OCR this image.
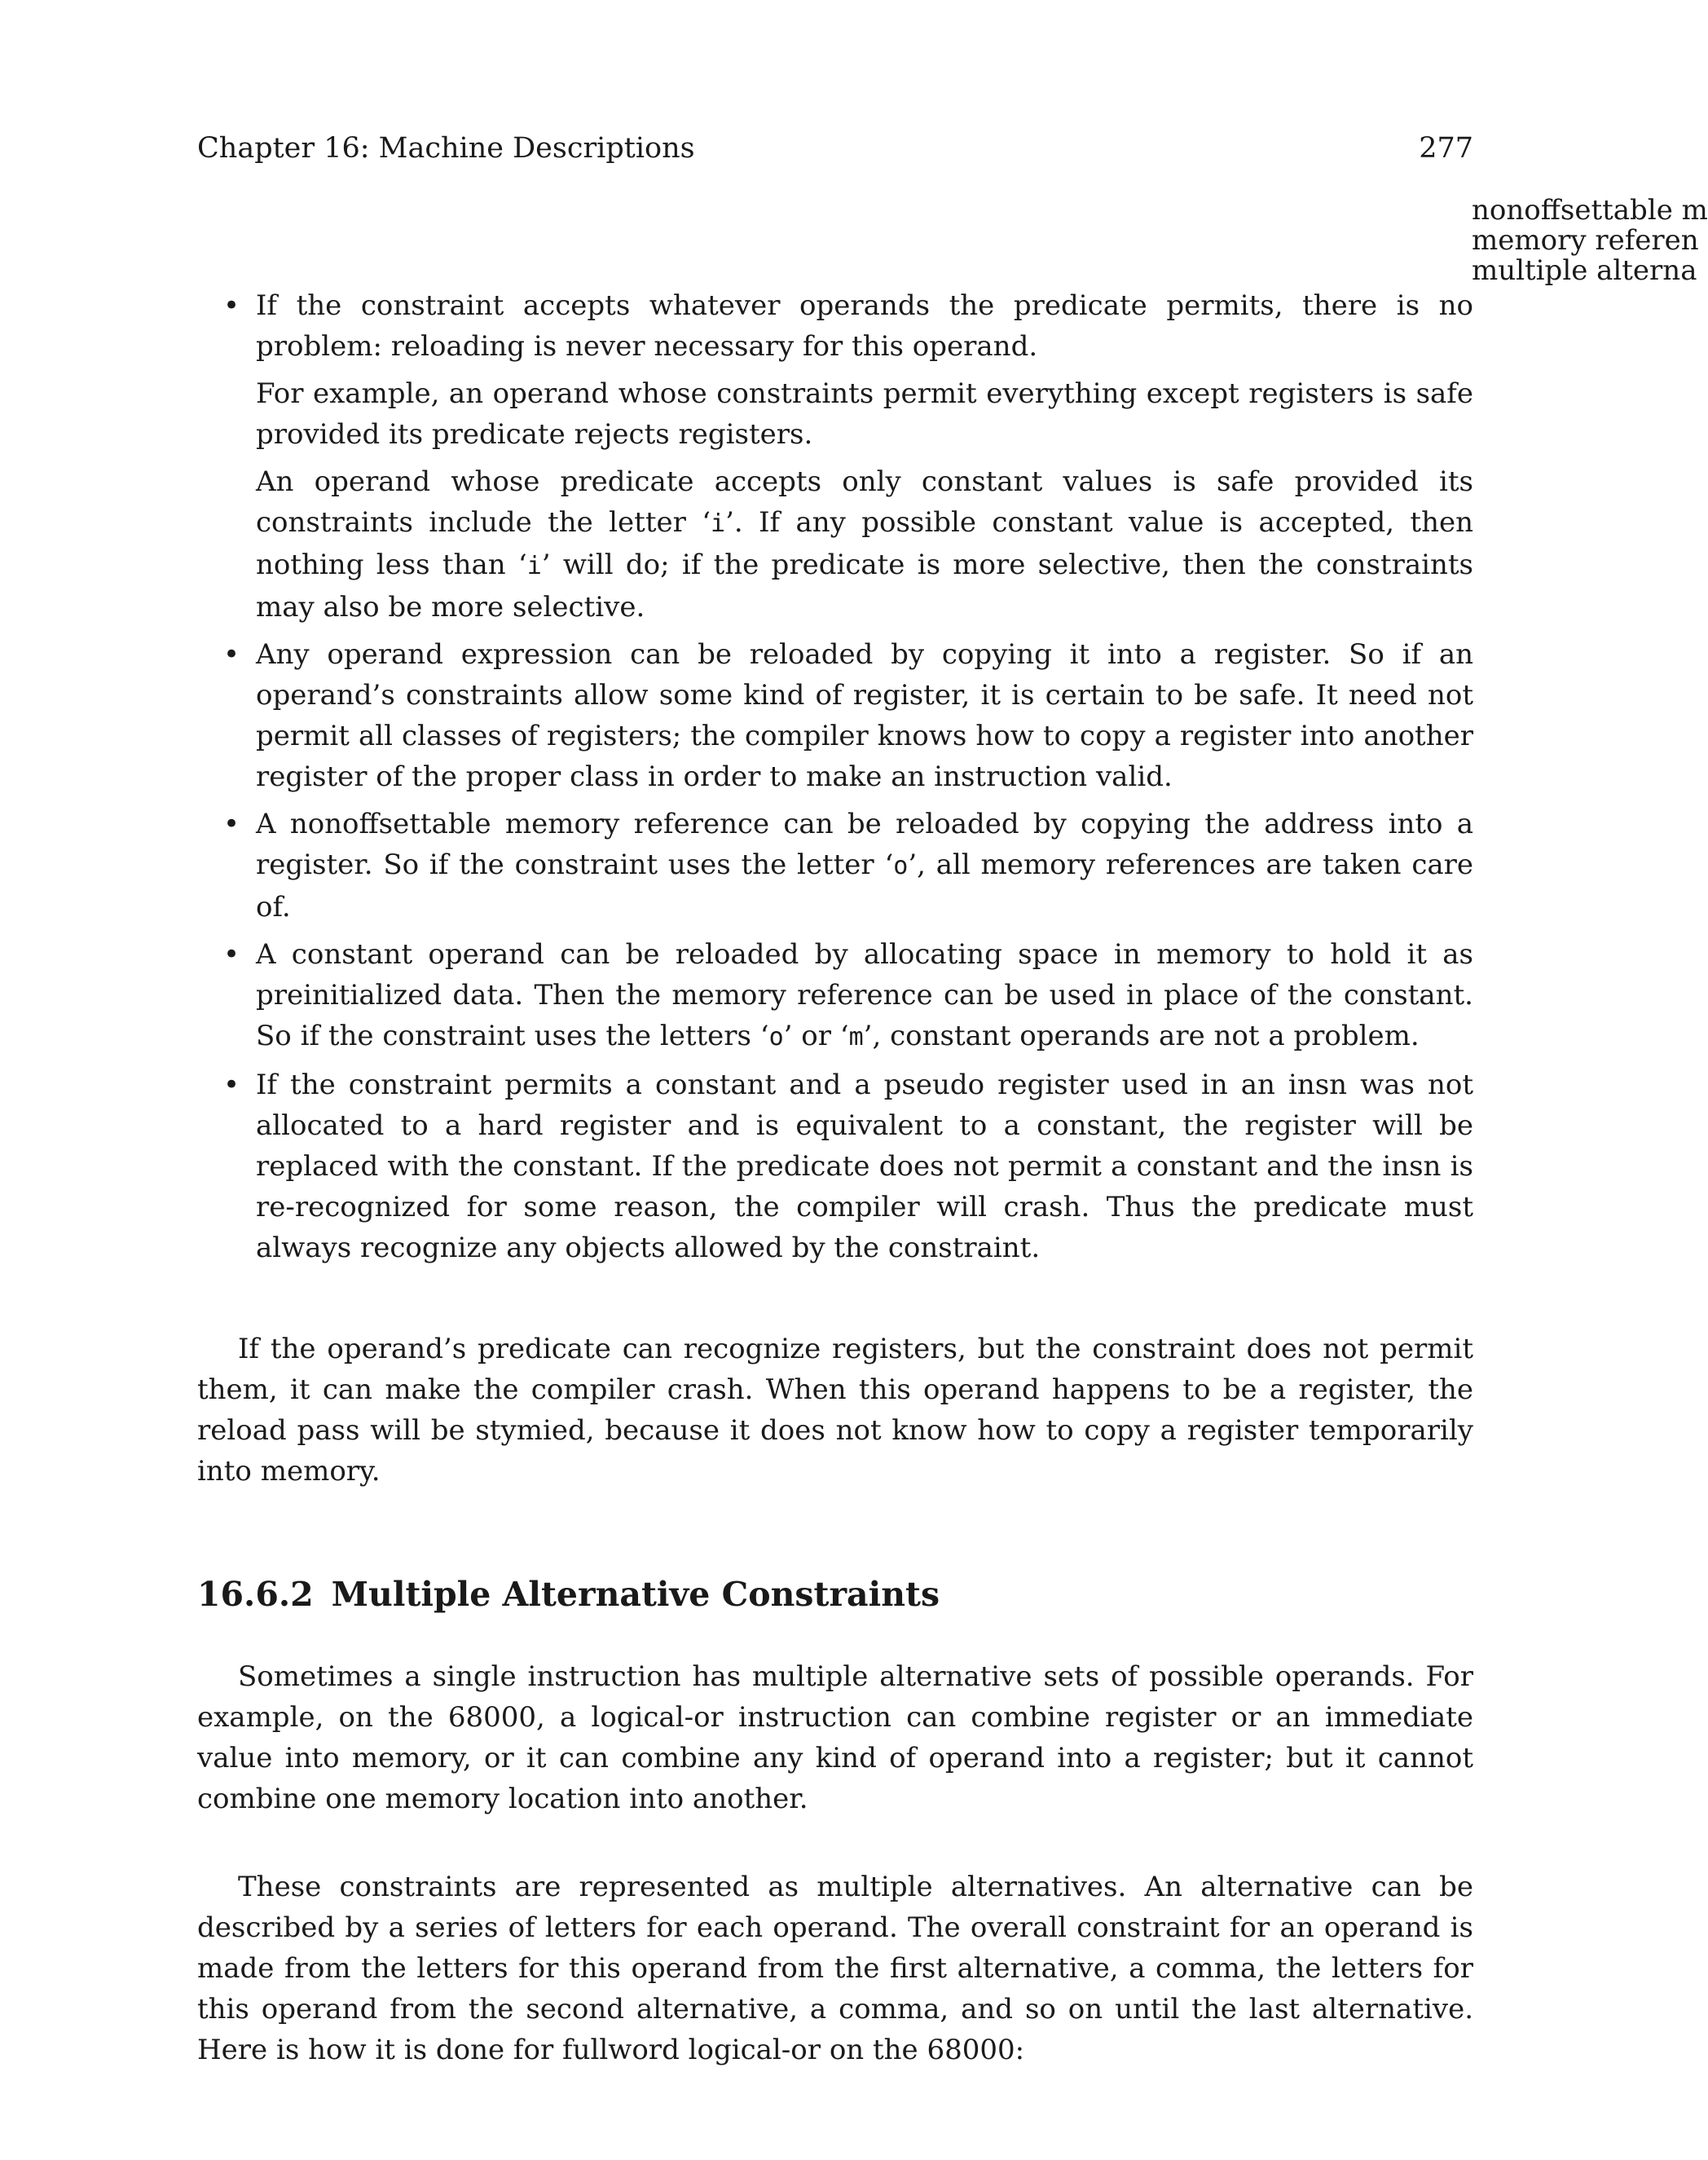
Chapter 16: Machine Descriptions	277
nonoffsettable m
memory referen
multiple alterna
• If the constraint accepts whatever operands the predicate permits, there is no problem: reloading is never necessary for this operand.

For example, an operand whose constraints permit everything except registers is safe provided its predicate rejects registers.

An operand whose predicate accepts only constant values is safe provided its constraints include the letter ‘i’. If any possible constant value is accepted, then nothing less than ‘i’ will do; if the predicate is more selective, then the constraints may also be more selective.

• Any operand expression can be reloaded by copying it into a register. So if an operand’s constraints allow some kind of register, it is certain to be safe. It need not permit all classes of registers; the compiler knows how to copy a register into another register of the proper class in order to make an instruction valid.

• A nonoffsettable memory reference can be reloaded by copying the address into a register. So if the constraint uses the letter ‘o’, all memory references are taken care of.

• A constant operand can be reloaded by allocating space in memory to hold it as preinitialized data. Then the memory reference can be used in place of the constant. So if the constraint uses the letters ‘o’ or ‘m’, constant operands are not a problem.

• If the constraint permits a constant and a pseudo register used in an insn was not allocated to a hard register and is equivalent to a constant, the register will be replaced with the constant. If the predicate does not permit a constant and the insn is re-recognized for some reason, the compiler will crash. Thus the predicate must always recognize any objects allowed by the constraint.

If the operand’s predicate can recognize registers, but the constraint does not permit them, it can make the compiler crash. When this operand happens to be a register, the reload pass will be stymied, because it does not know how to copy a register temporarily into memory.

16.6.2 Multiple Alternative Constraints

Sometimes a single instruction has multiple alternative sets of possible operands. For example, on the 68000, a logical-or instruction can combine register or an immediate value into memory, or it can combine any kind of operand into a register; but it cannot combine one memory location into another.

These constraints are represented as multiple alternatives. An alternative can be described by a series of letters for each operand. The overall constraint for an operand is made from the letters for this operand from the first alternative, a comma, the letters for this operand from the second alternative, a comma, and so on until the last alternative. Here is how it is done for fullword logical-or on the 68000:
